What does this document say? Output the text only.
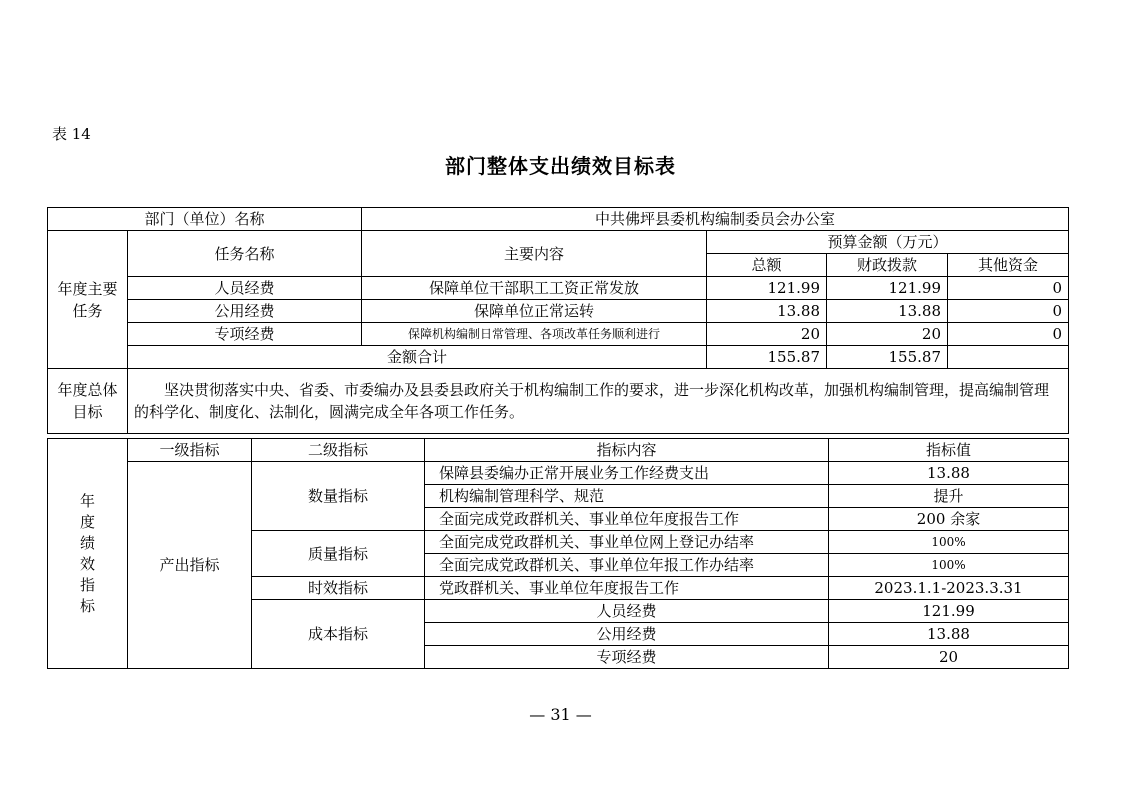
表 14
部门整体支出绩效目标表
部门（单位）名称		中共佛坪县委机构编制委员会办公室			
年度主要任务	任务名称	主要内容	预算金额（万元）		
			总额	财政拨款	其他资金
	人员经费	保障单位干部职工工资正常发放	121.99	121.99	0
	公用经费	保障单位正常运转	13.88	13.88	0
	专项经费	保障机构编制日常管理、各项改革任务顺利进行	20	20	0
	金额合计		155.87	155.87	
年度总体目标	坚决贯彻落实中央、省委、市委编办及县委县政府关于机构编制工作的要求，进一步深化机构改革，加强机构编制管理，提高编制管理的科学化、制度化、法制化，圆满完成全年各项工作任务。				
年度绩效指标	一级指标	二级指标	指标内容	指标值
	产出指标	数量指标	保障县委编办正常开展业务工作经费支出	13.88
			机构编制管理科学、规范	提升
			全面完成党政群机关、事业单位年度报告工作	200 余家
		质量指标	全面完成党政群机关、事业单位网上登记办结率	100%
			全面完成党政群机关、事业单位年报工作办结率	100%
		时效指标	党政群机关、事业单位年度报告工作	2023.1.1-2023.3.31
		成本指标	人员经费	121.99
			公用经费	13.88
			专项经费	20
— 31 —
